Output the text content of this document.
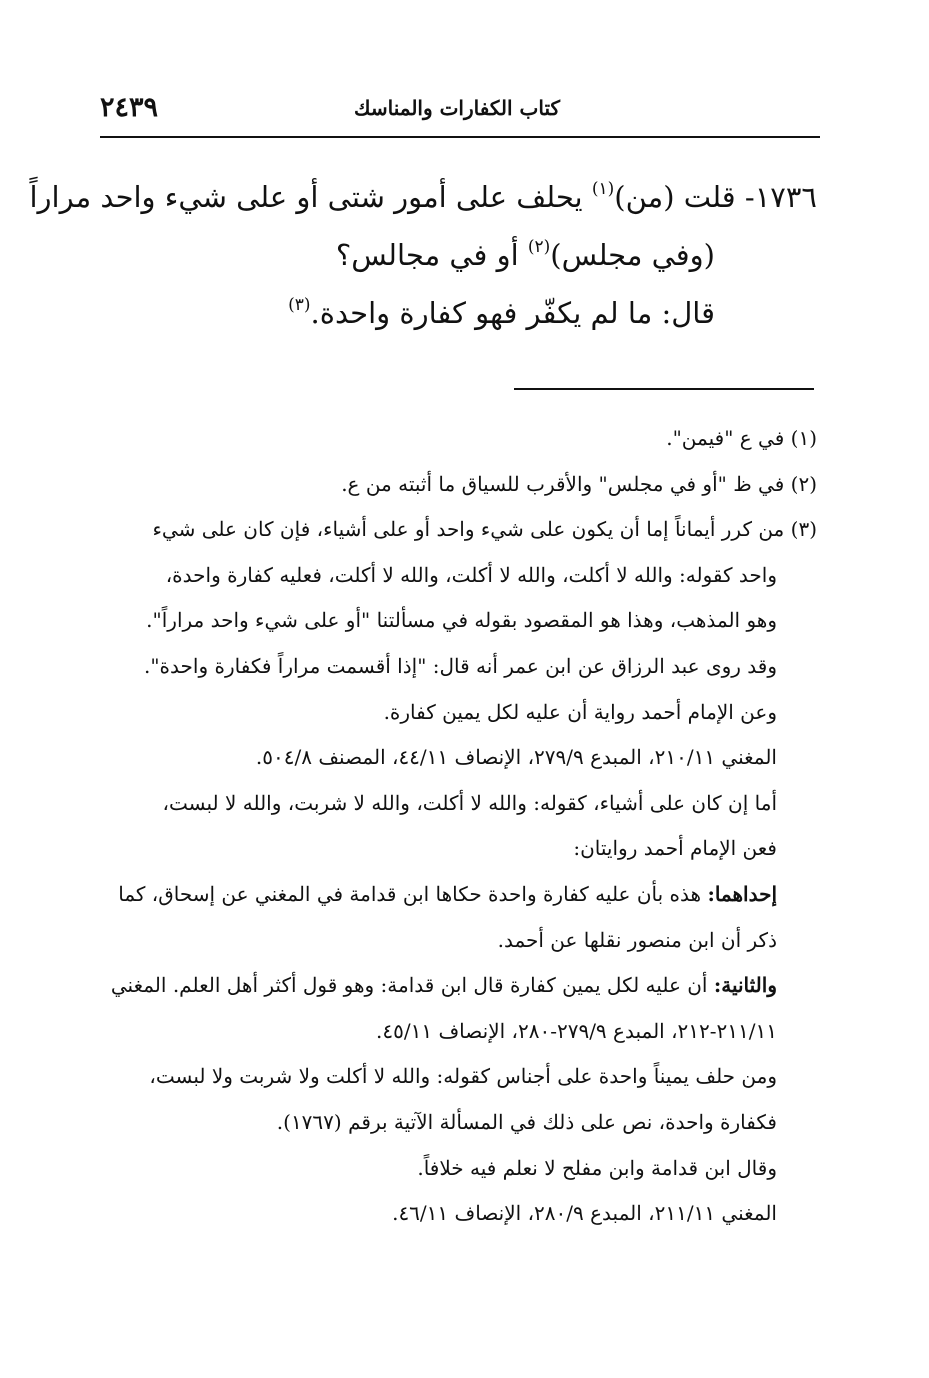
٢٤٣٩	كتاب الكفارات والمناسك
١٧٣٦- قلت (من)$^{(١)}$ يحلف على أمور شتى أو على شيء واحد مراراً
(وفي مجلس)$^{(٢)}$ أو في مجالس؟
قال: ما لم يكفّر فهو كفارة واحدة.$^{(٣)}$
(١) في ع "فيمن".
(٢) في ظ "أو في مجلس" والأقرب للسياق ما أثبته من ع.
(٣) من كرر أيماناً إما أن يكون على شيء واحد أو على أشياء، فإن كان على شيء
واحد كقوله: والله لا أكلت، والله لا أكلت، والله لا أكلت، فعليه كفارة واحدة،
وهو المذهب، وهذا هو المقصود بقوله في مسألتنا "أو على شيء واحد مراراً".
وقد روى عبد الرزاق عن ابن عمر أنه قال: "إذا أقسمت مراراً فكفارة واحدة".
وعن الإمام أحمد رواية أن عليه لكل يمين كفارة.
المغني ٢١٠/١١، المبدع ٢٧٩/٩، الإنصاف ٤٤/١١، المصنف ٥٠٤/٨.
أما إن كان على أشياء، كقوله: والله لا أكلت، والله لا شربت، والله لا لبست،
فعن الإمام أحمد روايتان:
إحداهما: هذه بأن عليه كفارة واحدة حكاها ابن قدامة في المغني عن إسحاق، كما
ذكر أن ابن منصور نقلها عن أحمد.
والثانية: أن عليه لكل يمين كفارة قال ابن قدامة: وهو قول أكثر أهل العلم. المغني
٢١١/١١-٢١٢، المبدع ٢٧٩/٩-٢٨٠، الإنصاف ٤٥/١١.
ومن حلف يميناً واحدة على أجناس كقوله: والله لا أكلت ولا شربت ولا لبست،
فكفارة واحدة، نص على ذلك في المسألة الآتية برقم (١٧٦٧).
وقال ابن قدامة وابن مفلح لا نعلم فيه خلافاً.
المغني ٢١١/١١، المبدع ٢٨٠/٩، الإنصاف ٤٦/١١.
